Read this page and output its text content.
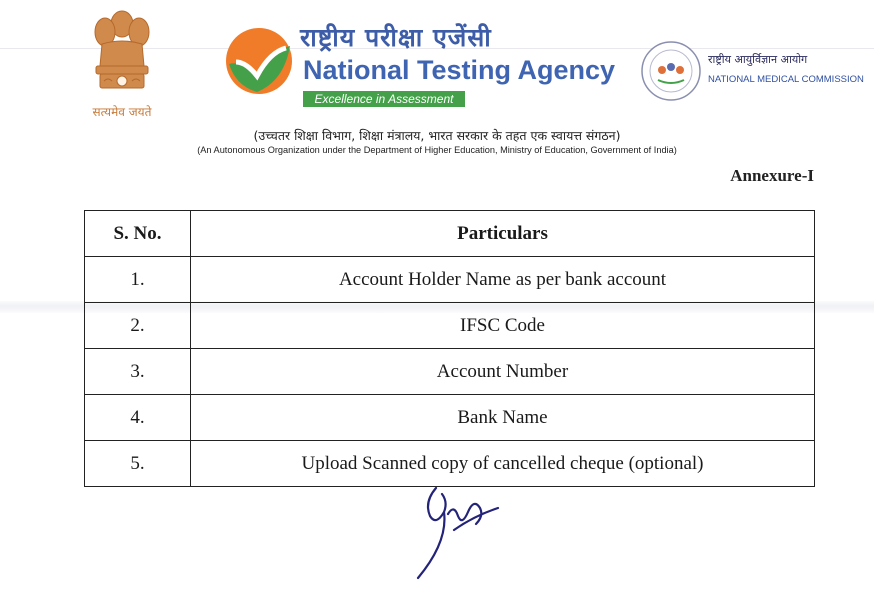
सत्यमेव जयते
राष्ट्रीय परीक्षा एजेंसी
National Testing Agency
Excellence in Assessment
राष्ट्रीय आयुर्विज्ञान आयोग
NATIONAL MEDICAL COMMISSION
(उच्चतर शिक्षा विभाग, शिक्षा मंत्रालय, भारत सरकार के तहत एक स्वायत्त संगठन)
(An Autonomous Organization under the Department of Higher Education, Ministry of Education, Government of India)
Annexure-I
S. No.	Particulars
1.	Account Holder Name as per bank account
2.	IFSC Code
3.	Account Number
4.	Bank Name
5.	Upload Scanned copy of cancelled cheque (optional)
